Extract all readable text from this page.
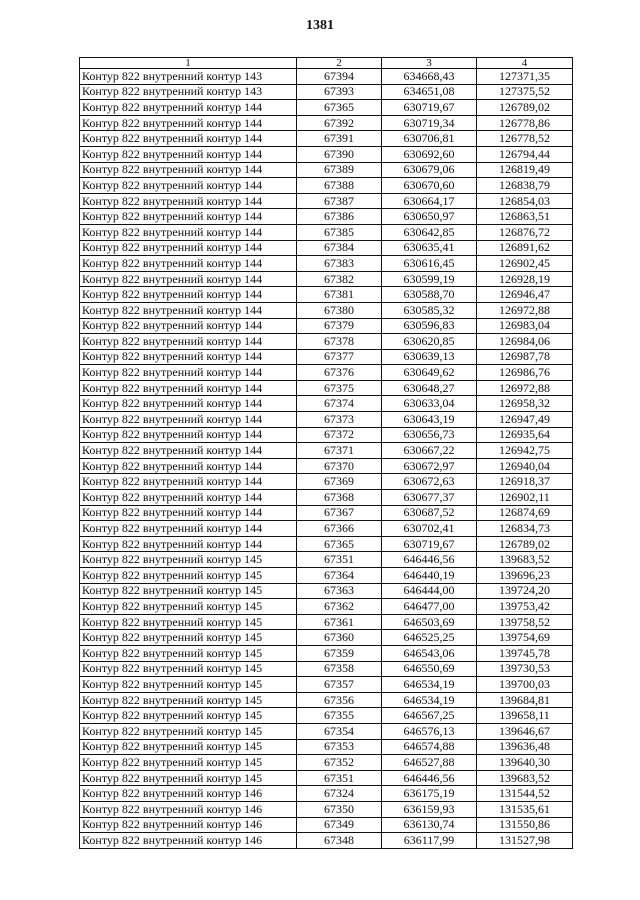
1381
1	2	3	4
Контур 822 внутренний контур 143	67394	634668,43	127371,35
Контур 822 внутренний контур 143	67393	634651,08	127375,52
Контур 822 внутренний контур 144	67365	630719,67	126789,02
Контур 822 внутренний контур 144	67392	630719,34	126778,86
Контур 822 внутренний контур 144	67391	630706,81	126778,52
Контур 822 внутренний контур 144	67390	630692,60	126794,44
Контур 822 внутренний контур 144	67389	630679,06	126819,49
Контур 822 внутренний контур 144	67388	630670,60	126838,79
Контур 822 внутренний контур 144	67387	630664,17	126854,03
Контур 822 внутренний контур 144	67386	630650,97	126863,51
Контур 822 внутренний контур 144	67385	630642,85	126876,72
Контур 822 внутренний контур 144	67384	630635,41	126891,62
Контур 822 внутренний контур 144	67383	630616,45	126902,45
Контур 822 внутренний контур 144	67382	630599,19	126928,19
Контур 822 внутренний контур 144	67381	630588,70	126946,47
Контур 822 внутренний контур 144	67380	630585,32	126972,88
Контур 822 внутренний контур 144	67379	630596,83	126983,04
Контур 822 внутренний контур 144	67378	630620,85	126984,06
Контур 822 внутренний контур 144	67377	630639,13	126987,78
Контур 822 внутренний контур 144	67376	630649,62	126986,76
Контур 822 внутренний контур 144	67375	630648,27	126972,88
Контур 822 внутренний контур 144	67374	630633,04	126958,32
Контур 822 внутренний контур 144	67373	630643,19	126947,49
Контур 822 внутренний контур 144	67372	630656,73	126935,64
Контур 822 внутренний контур 144	67371	630667,22	126942,75
Контур 822 внутренний контур 144	67370	630672,97	126940,04
Контур 822 внутренний контур 144	67369	630672,63	126918,37
Контур 822 внутренний контур 144	67368	630677,37	126902,11
Контур 822 внутренний контур 144	67367	630687,52	126874,69
Контур 822 внутренний контур 144	67366	630702,41	126834,73
Контур 822 внутренний контур 144	67365	630719,67	126789,02
Контур 822 внутренний контур 145	67351	646446,56	139683,52
Контур 822 внутренний контур 145	67364	646440,19	139696,23
Контур 822 внутренний контур 145	67363	646444,00	139724,20
Контур 822 внутренний контур 145	67362	646477,00	139753,42
Контур 822 внутренний контур 145	67361	646503,69	139758,52
Контур 822 внутренний контур 145	67360	646525,25	139754,69
Контур 822 внутренний контур 145	67359	646543,06	139745,78
Контур 822 внутренний контур 145	67358	646550,69	139730,53
Контур 822 внутренний контур 145	67357	646534,19	139700,03
Контур 822 внутренний контур 145	67356	646534,19	139684,81
Контур 822 внутренний контур 145	67355	646567,25	139658,11
Контур 822 внутренний контур 145	67354	646576,13	139646,67
Контур 822 внутренний контур 145	67353	646574,88	139636,48
Контур 822 внутренний контур 145	67352	646527,88	139640,30
Контур 822 внутренний контур 145	67351	646446,56	139683,52
Контур 822 внутренний контур 146	67324	636175,19	131544,52
Контур 822 внутренний контур 146	67350	636159,93	131535,61
Контур 822 внутренний контур 146	67349	636130,74	131550,86
Контур 822 внутренний контур 146	67348	636117,99	131527,98
